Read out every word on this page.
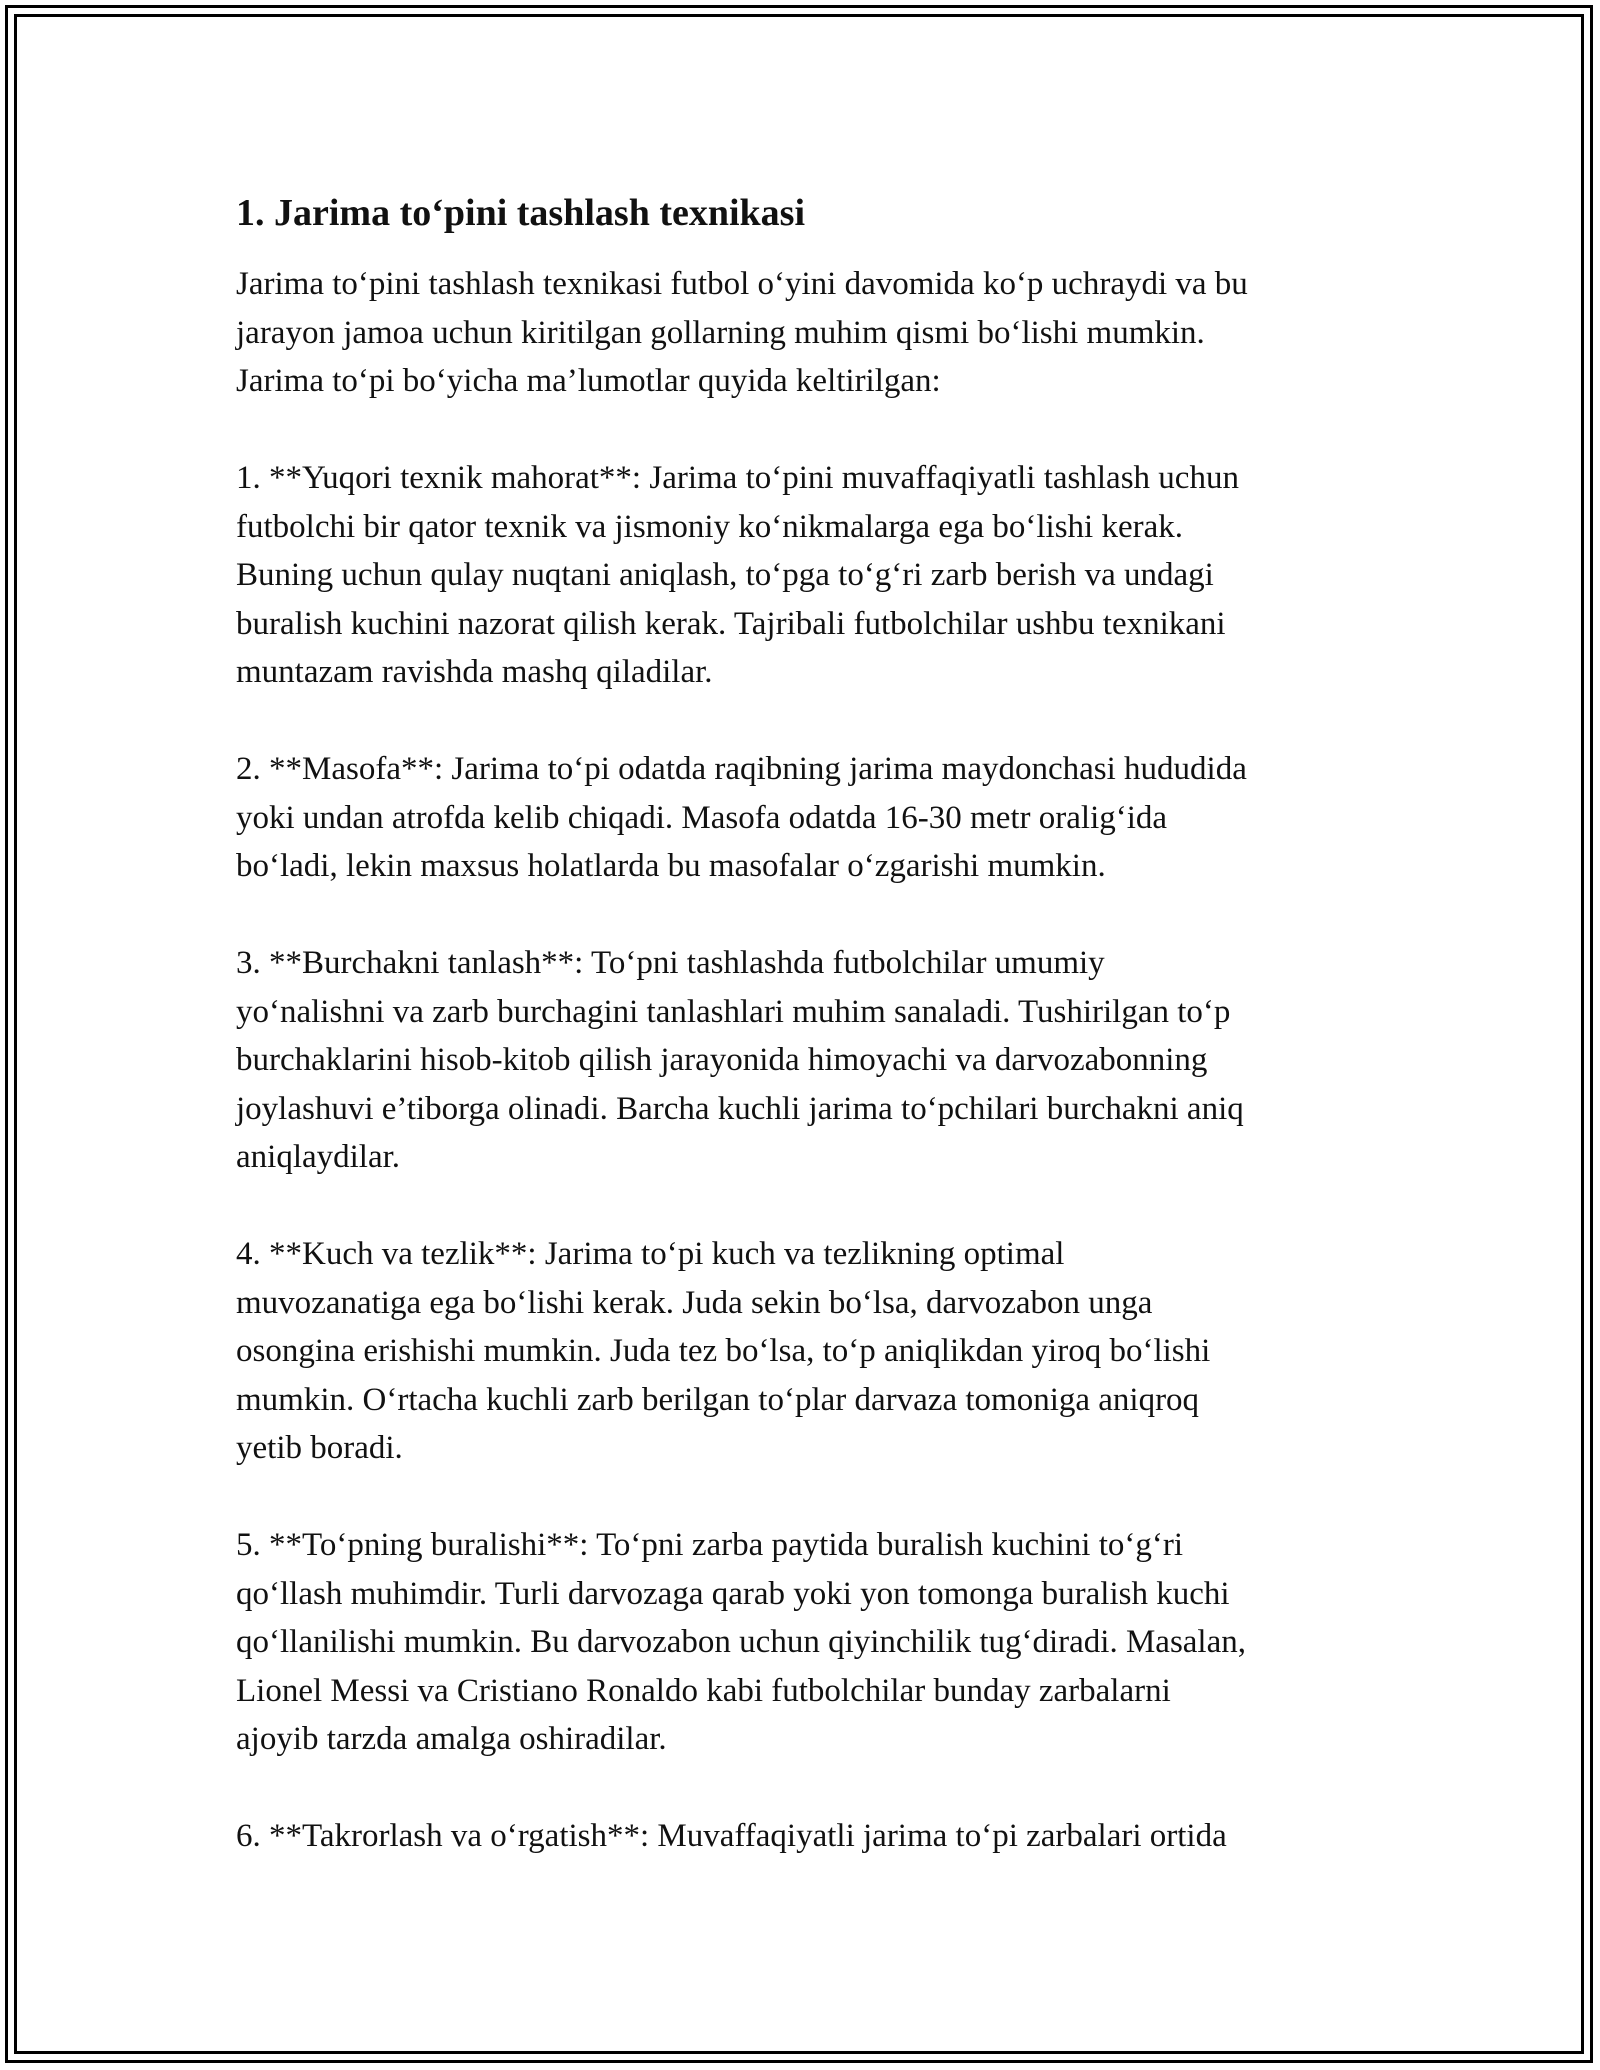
1. Jarima to‘pini tashlash texnikasi
Jarima to‘pini tashlash texnikasi futbol o‘yini davomida ko‘p uchraydi va bu
jarayon jamoa uchun kiritilgan gollarning muhim qismi bo‘lishi mumkin.
Jarima to‘pi bo‘yicha ma’lumotlar quyida keltirilgan:
1. **Yuqori texnik mahorat**: Jarima to‘pini muvaffaqiyatli tashlash uchun
futbolchi bir qator texnik va jismoniy ko‘nikmalarga ega bo‘lishi kerak.
Buning uchun qulay nuqtani aniqlash, to‘pga to‘g‘ri zarb berish va undagi
buralish kuchini nazorat qilish kerak. Tajribali futbolchilar ushbu texnikani
muntazam ravishda mashq qiladilar.
2. **Masofa**: Jarima to‘pi odatda raqibning jarima maydonchasi hududida
yoki undan atrofda kelib chiqadi. Masofa odatda 16-30 metr oralig‘ida
bo‘ladi, lekin maxsus holatlarda bu masofalar o‘zgarishi mumkin.
3. **Burchakni tanlash**: To‘pni tashlashda futbolchilar umumiy
yo‘nalishni va zarb burchagini tanlashlari muhim sanaladi. Tushirilgan to‘p
burchaklarini hisob-kitob qilish jarayonida himoyachi va darvozabonning
joylashuvi e’tiborga olinadi. Barcha kuchli jarima to‘pchilari burchakni aniq
aniqlaydilar.
4. **Kuch va tezlik**: Jarima to‘pi kuch va tezlikning optimal
muvozanatiga ega bo‘lishi kerak. Juda sekin bo‘lsa, darvozabon unga
osongina erishishi mumkin. Juda tez bo‘lsa, to‘p aniqlikdan yiroq bo‘lishi
mumkin. O‘rtacha kuchli zarb berilgan to‘plar darvaza tomoniga aniqroq
yetib boradi.
5. **To‘pning buralishi**: To‘pni zarba paytida buralish kuchini to‘g‘ri
qo‘llash muhimdir. Turli darvozaga qarab yoki yon tomonga buralish kuchi
qo‘llanilishi mumkin. Bu darvozabon uchun qiyinchilik tug‘diradi. Masalan,
Lionel Messi va Cristiano Ronaldo kabi futbolchilar bunday zarbalarni
ajoyib tarzda amalga oshiradilar.
6. **Takrorlash va o‘rgatish**: Muvaffaqiyatli jarima to‘pi zarbalari ortida
